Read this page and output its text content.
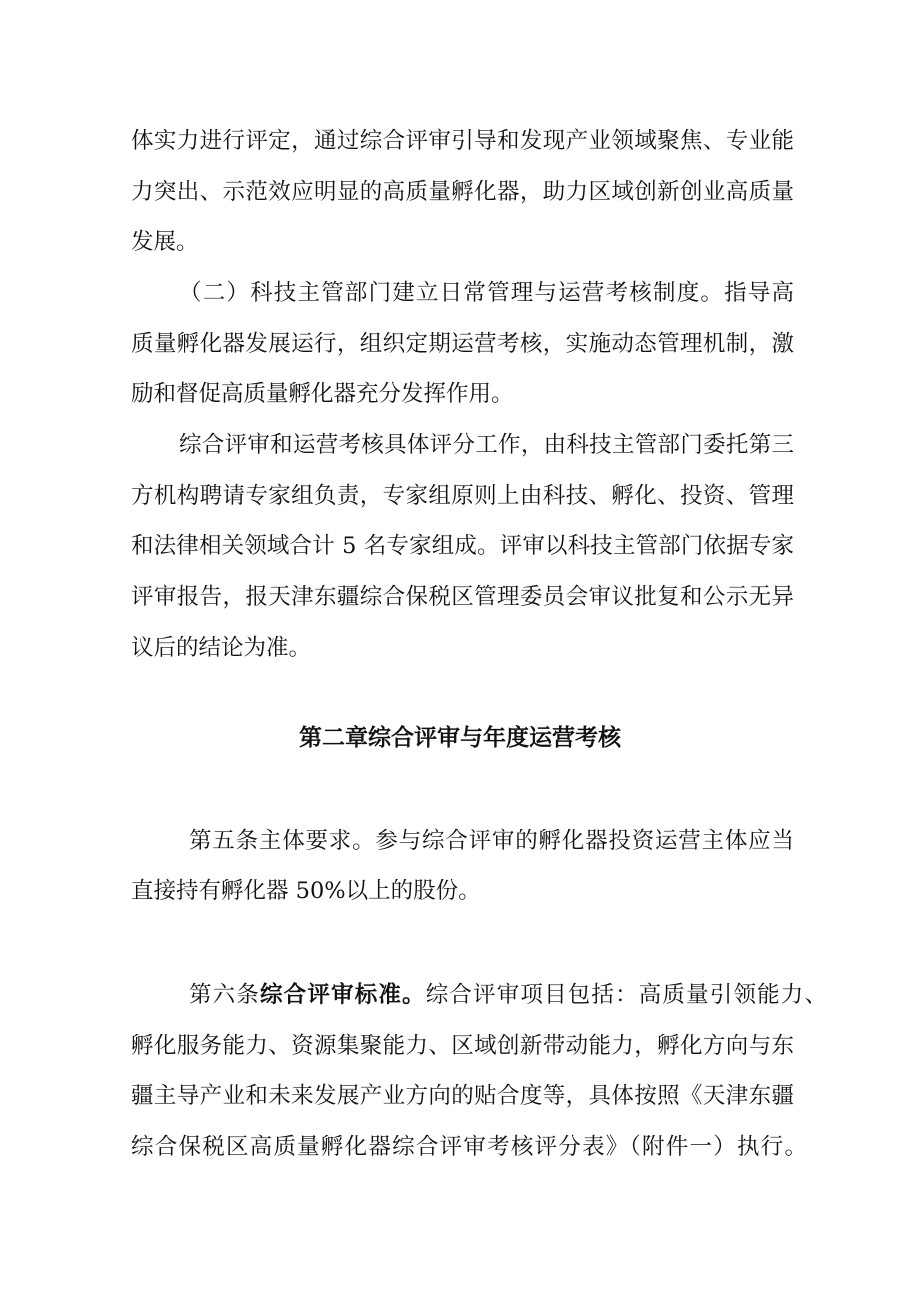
体实力进行评定，通过综合评审引导和发现产业领域聚焦、专业能
力突出、示范效应明显的高质量孵化器，助力区域创新创业高质量
发展。
（二）科技主管部门建立日常管理与运营考核制度。指导高
质量孵化器发展运行，组织定期运营考核，实施动态管理机制，激
励和督促高质量孵化器充分发挥作用。
综合评审和运营考核具体评分工作，由科技主管部门委托第三
方机构聘请专家组负责，专家组原则上由科技、孵化、投资、管理
和法律相关领域合计 5 名专家组成。评审以科技主管部门依据专家
评审报告，报天津东疆综合保税区管理委员会审议批复和公示无异
议后的结论为准。
第二章综合评审与年度运营考核
第五条主体要求。参与综合评审的孵化器投资运营主体应当
直接持有孵化器 50%以上的股份。
第六条综合评审标准。综合评审项目包括：高质量引领能力、
孵化服务能力、资源集聚能力、区域创新带动能力，孵化方向与东
疆主导产业和未来发展产业方向的贴合度等，具体按照《天津东疆
综合保税区高质量孵化器综合评审考核评分表》（附件一）执行。
